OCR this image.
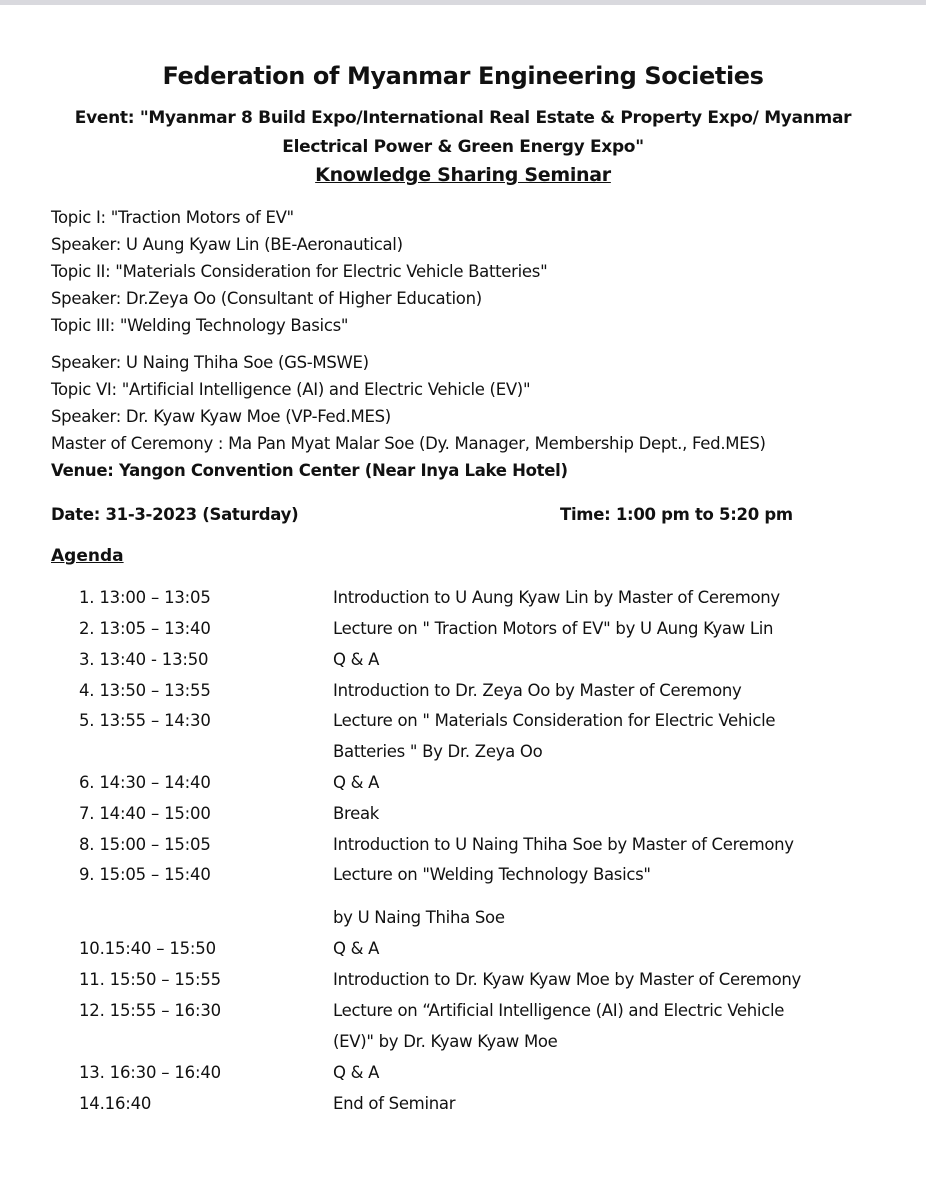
Federation of Myanmar Engineering Societies
Event: "Myanmar 8 Build Expo/International Real Estate & Property Expo/ Myanmar
Electrical Power & Green Energy Expo"
Knowledge Sharing Seminar
Topic I: "Traction Motors of EV"
Speaker: U Aung Kyaw Lin (BE-Aeronautical)
Topic II: "Materials Consideration for Electric Vehicle Batteries"
Speaker: Dr.Zeya Oo (Consultant of Higher Education)
Topic III: "Welding Technology Basics"
Speaker: U Naing Thiha Soe (GS-MSWE)
Topic VI: "Artificial Intelligence (AI) and Electric Vehicle (EV)"
Speaker: Dr. Kyaw Kyaw Moe (VP-Fed.MES)
Master of Ceremony : Ma Pan Myat Malar Soe (Dy. Manager, Membership Dept., Fed.MES)
Venue: Yangon Convention Center (Near Inya Lake Hotel)
Date: 31-3-2023 (Saturday)	Time: 1:00 pm to 5:20 pm
Agenda
1. 13:00 – 13:05	Introduction to U Aung Kyaw Lin by Master of Ceremony
2. 13:05 – 13:40	Lecture on " Traction Motors of EV" by U Aung Kyaw Lin
3. 13:40 - 13:50	Q & A
4. 13:50 – 13:55	Introduction to Dr. Zeya Oo by Master of Ceremony
5. 13:55 – 14:30	Lecture on " Materials Consideration for Electric Vehicle
Batteries " By Dr. Zeya Oo
6. 14:30 – 14:40	Q & A
7. 14:40 – 15:00	Break
8. 15:00 – 15:05	Introduction to U Naing Thiha Soe by Master of Ceremony
9. 15:05 – 15:40	Lecture on "Welding Technology Basics"
by U Naing Thiha Soe
10.15:40 – 15:50	Q & A
11. 15:50 – 15:55	Introduction to Dr. Kyaw Kyaw Moe by Master of Ceremony
12. 15:55 – 16:30	Lecture on “Artificial Intelligence (AI) and Electric Vehicle
(EV)" by Dr. Kyaw Kyaw Moe
13. 16:30 – 16:40	Q & A
14.16:40	End of Seminar
